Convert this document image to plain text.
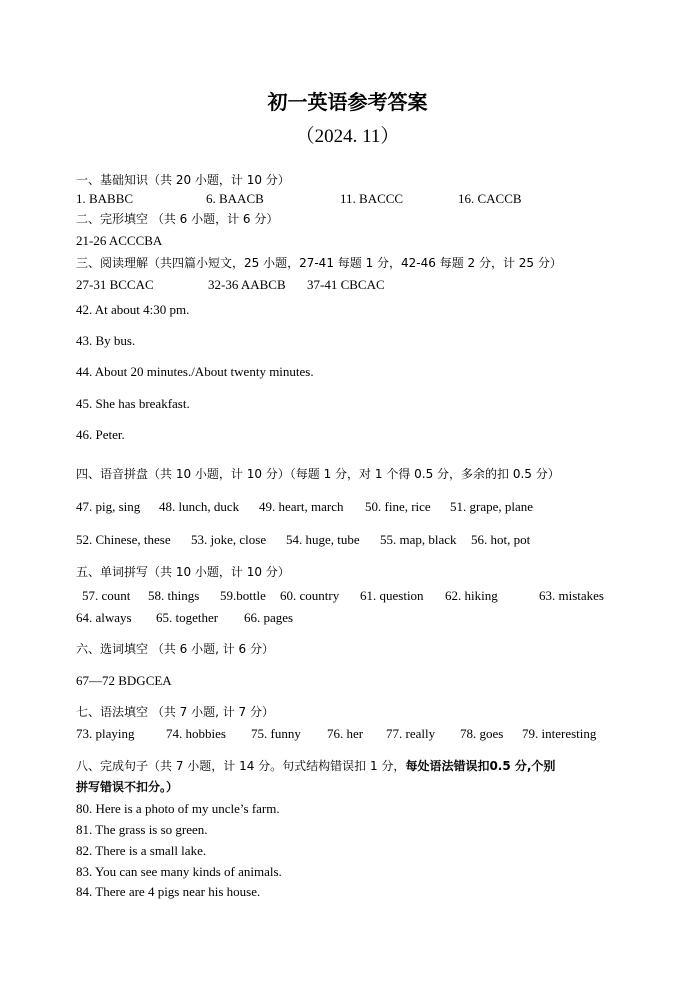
初一英语参考答案
（2024. 11）
一、基础知识（共 20 小题，计 10 分）
1. BABBC	6. BAACB	11. BACCC	16. CACCB
二、完形填空 （共 6 小题，计 6 分）
21-26 ACCCBA
三、阅读理解（共四篇小短文，25 小题，27-41 每题 1 分，42-46 每题 2 分，计 25 分）
27-31 BCCAC	32-36 AABCB 37-41 CBCAC
42. At about 4:30 pm.
43. By bus.
44. About 20 minutes./About twenty minutes.
45. She has breakfast.
46. Peter.
四、语音拼盘（共 10 小题，计 10 分）（每题 1 分，对 1 个得 0.5 分，多余的扣 0.5 分）
47. pig, sing 48. lunch, duck 49. heart, march 50. fine, rice 51. grape, plane
52. Chinese, these 53. joke, close 54. huge, tube 55. map, black 56. hot, pot
五、单词拼写（共 10 小题，计 10 分）
57. count 58. things 59.bottle 60. country 61. question 62. hiking	63. mistakes
64. always 65. together 66. pages
六、选词填空 （共 6 小题, 计 6 分）
67—72 BDGCEA
七、语法填空 （共 7 小题, 计 7 分）
73. playing 74. hobbies 75. funny 76. her 77. really 78. goes 79. interesting
八、完成句子（共 7 小题，计 14 分。句式结构错误扣 1 分，每处语法错误扣0.5 分,个别
拼写错误不扣分。）
80. Here is a photo of my uncle’s farm.
81. The grass is so green.
82. There is a small lake.
83. You can see many kinds of animals.
84. There are 4 pigs near his house.
